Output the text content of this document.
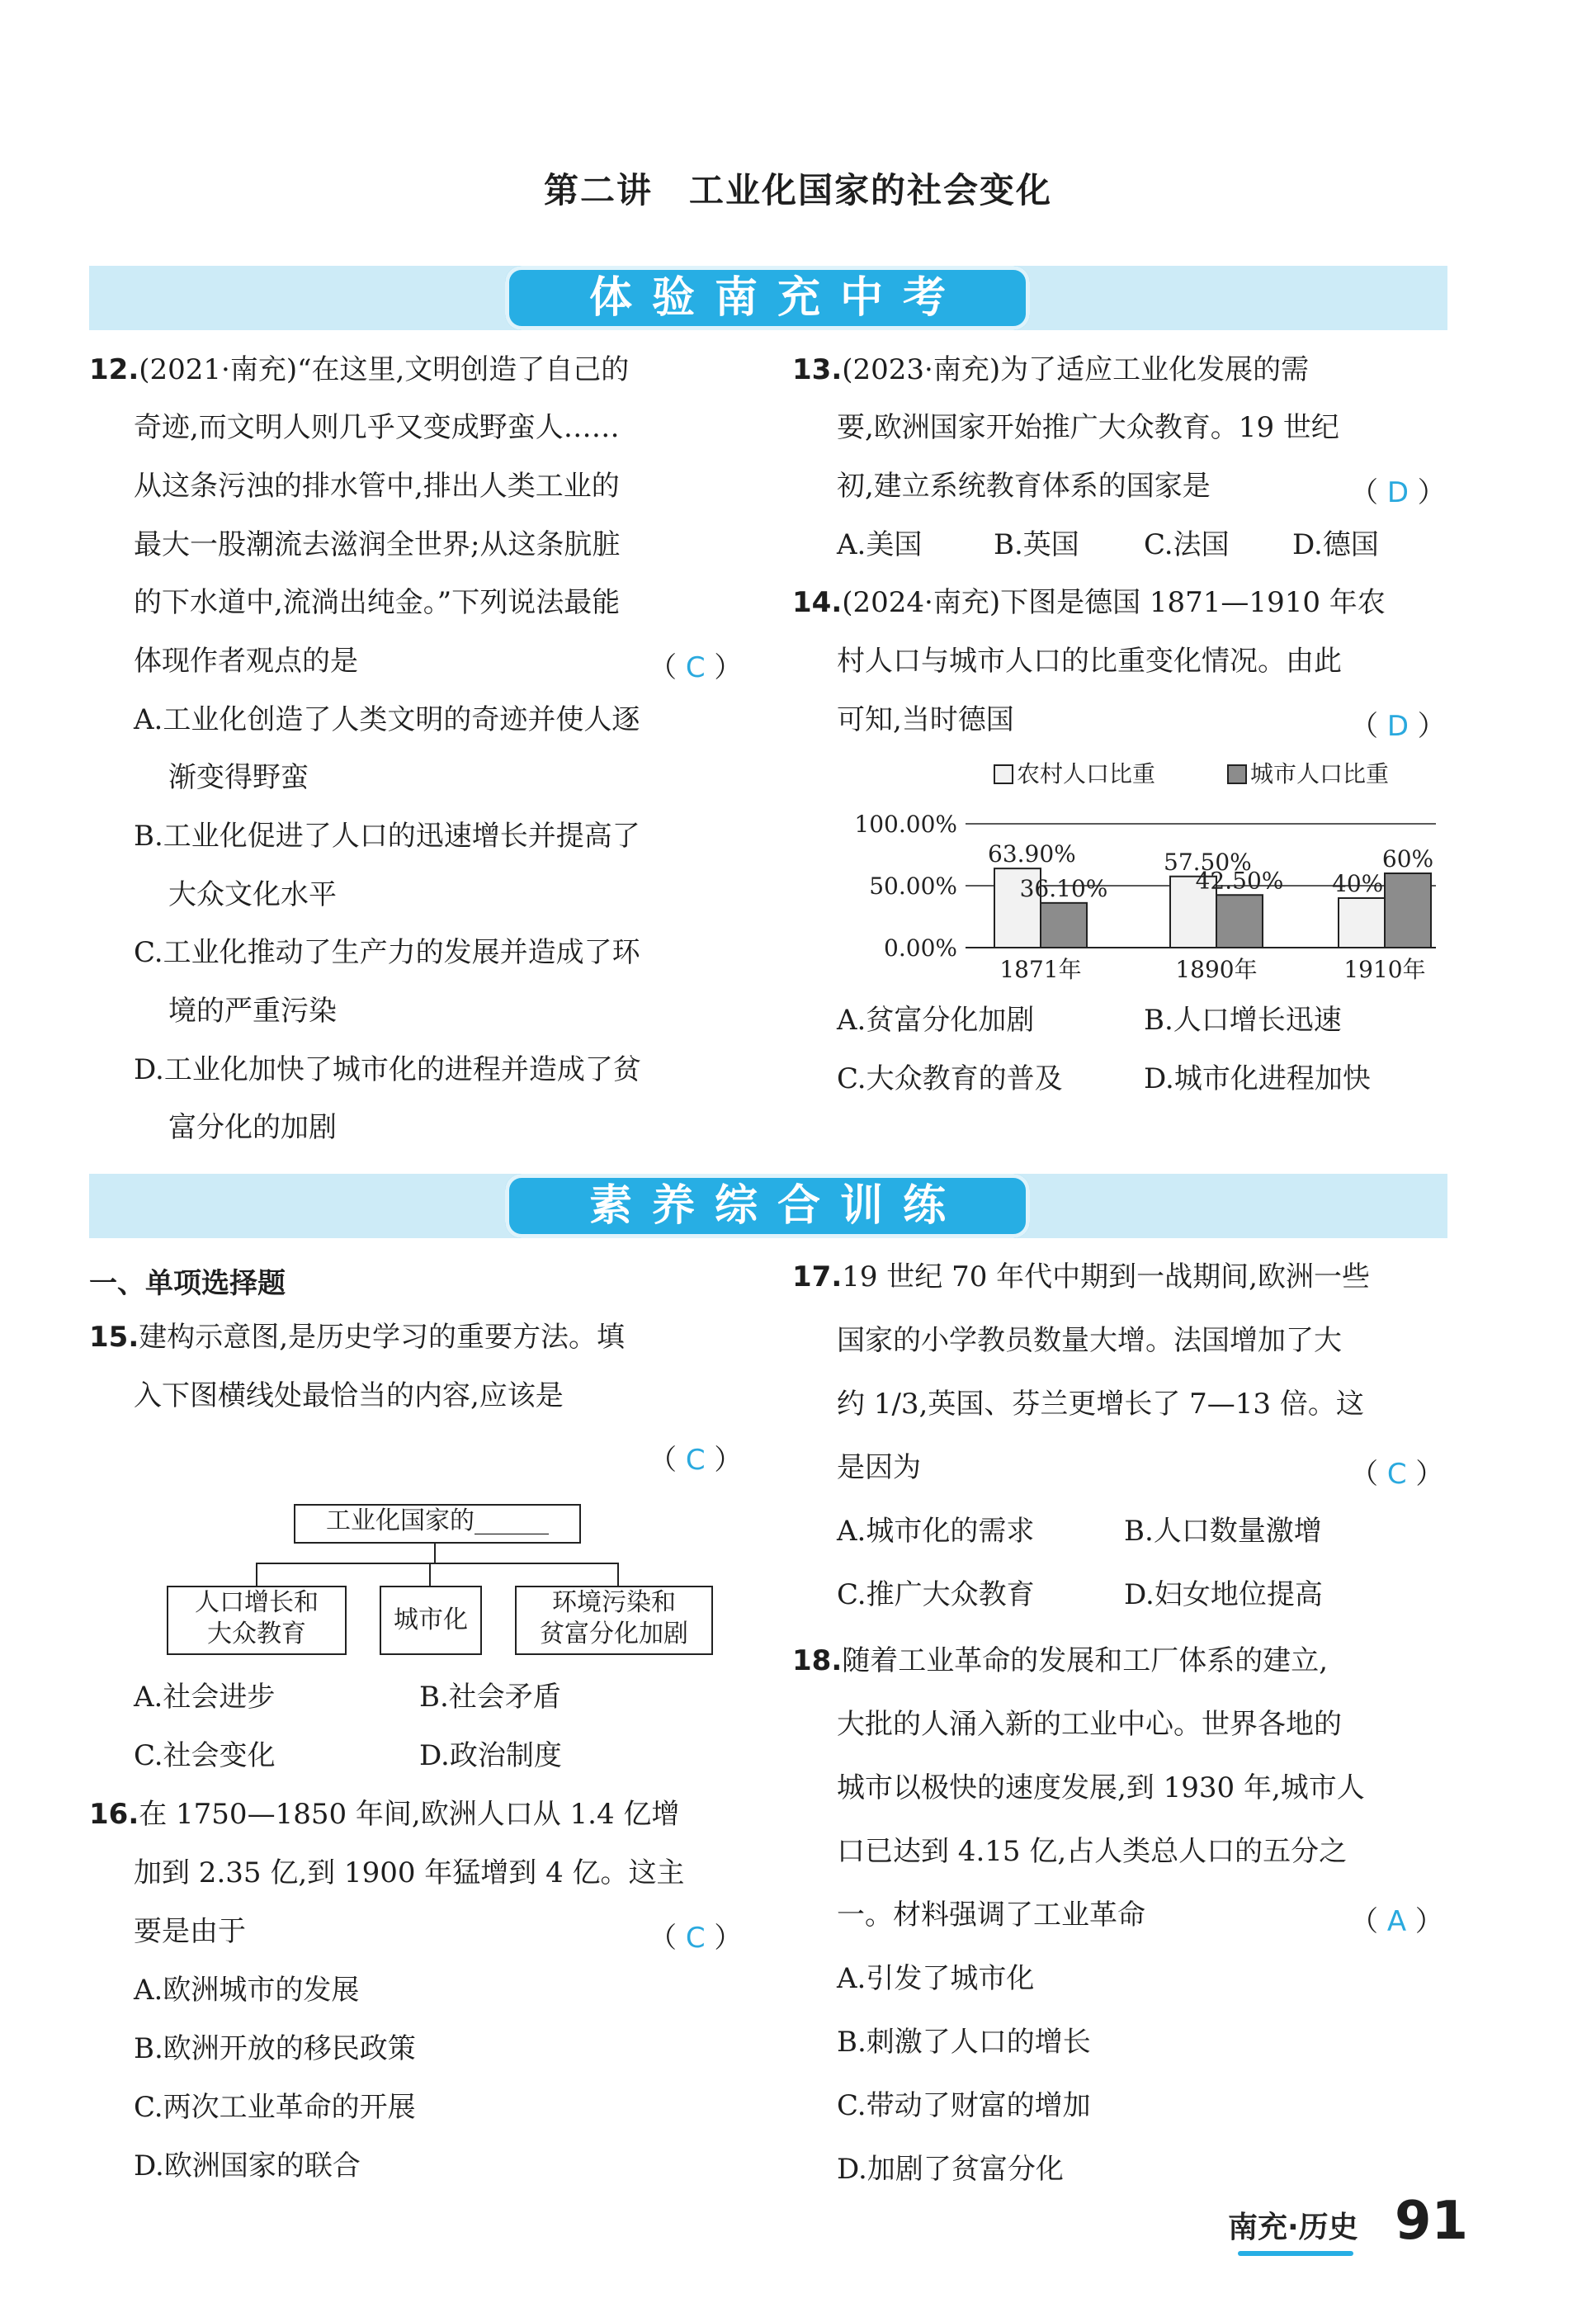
第二讲　工业化国家的社会变化
体验南充中考
12.(2021·南充)“在这里,文明创造了自己的
奇迹,而文明人则几乎又变成野蛮人……
从这条污浊的排水管中,排出人类工业的
最大一股潮流去滋润全世界;从这条肮脏
的下水道中,流淌出纯金。”下列说法最能
体现作者观点的是	（ C ）
A.工业化创造了人类文明的奇迹并使人逐
渐变得野蛮
B.工业化促进了人口的迅速增长并提高了
大众文化水平
C.工业化推动了生产力的发展并造成了环
境的严重污染
D.工业化加快了城市化的进程并造成了贫
富分化的加剧
13.(2023·南充)为了适应工业化发展的需
要,欧洲国家开始推广大众教育。19 世纪
初,建立系统教育体系的国家是	（ D ）
A.美国	B.英国 C.法国 D.德国
14.(2024·南充)下图是德国 1871—1910 年农
村人口与城市人口的比重变化情况。由此
可知,当时德国	（ D ）
农村人口比重	城市人口比重
100.00%
50.00%
0.00%
63.90%
36.10%
1871年
57.50%
42.50%
1890年
40%
60%
1910年
A.贫富分化加剧	B.人口增长迅速
C.大众教育的普及	D.城市化进程加快
素养综合训练
一、单项选择题
15.建构示意图,是历史学习的重要方法。填
入下图横线处最恰当的内容,应该是
（ C ）
工业化国家的______
人口增长和
大众教育	城市化
环境污染和
贫富分化加剧
A.社会进步	B.社会矛盾
C.社会变化	D.政治制度
16.在 1750—1850 年间,欧洲人口从 1.4 亿增
加到 2.35 亿,到 1900 年猛增到 4 亿。这主
要是由于	（ C ）
A.欧洲城市的发展
B.欧洲开放的移民政策
C.两次工业革命的开展
D.欧洲国家的联合
17.19 世纪 70 年代中期到一战期间,欧洲一些
国家的小学教员数量大增。法国增加了大
约 1/3,英国、芬兰更增长了 7—13 倍。这
是因为	（ C ）
A.城市化的需求	B.人口数量激增
C.推广大众教育	D.妇女地位提高
18.随着工业革命的发展和工厂体系的建立,
大批的人涌入新的工业中心。世界各地的
城市以极快的速度发展,到 1930 年,城市人
口已达到 4.15 亿,占人类总人口的五分之
一。材料强调了工业革命	（ A ）
A.引发了城市化
B.刺激了人口的增长
C.带动了财富的增加
D.加剧了贫富分化
南充·历史 91
